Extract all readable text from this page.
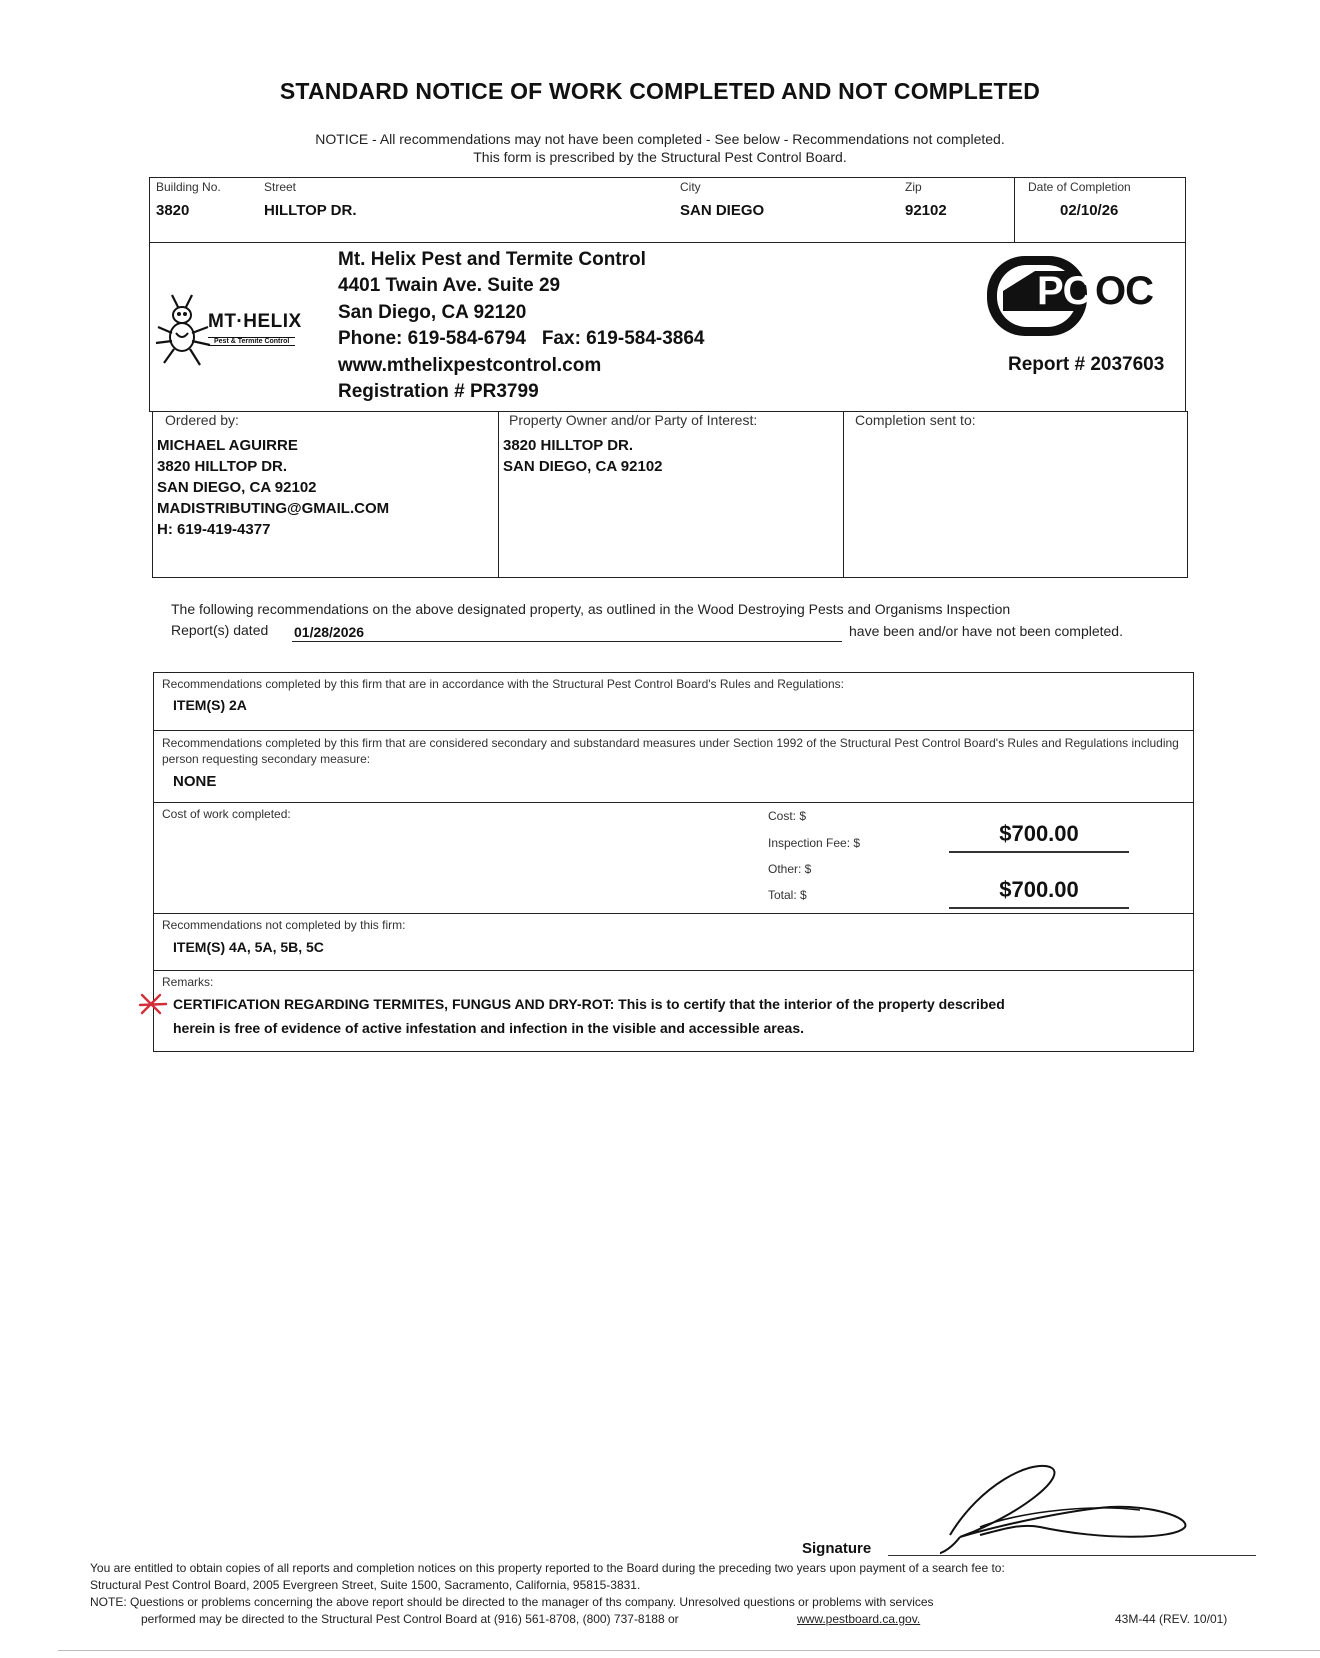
STANDARD NOTICE OF WORK COMPLETED AND NOT COMPLETED
NOTICE - All recommendations may not have been completed - See below - Recommendations not completed.
This form is prescribed by the Structural Pest Control Board.
Building No.
3820
Street
HILLTOP DR.
City
SAN DIEGO
Zip
92102
Date of Completion
02/10/26
MT·HELIX
Pest & Termite Control
Mt. Helix Pest and Termite Control
4401 Twain Ave. Suite 29
San Diego, CA 92120
Phone: 619-584-6794   Fax: 619-584-3864
www.mthelixpestcontrol.com
Registration # PR3799
PC OC
Report # 2037603
Ordered by:
MICHAEL AGUIRRE
3820 HILLTOP DR.
SAN DIEGO, CA 92102
MADISTRIBUTING@GMAIL.COM
H: 619-419-4377
Property Owner and/or Party of Interest:
3820 HILLTOP DR.
SAN DIEGO, CA 92102
Completion sent to:
The following recommendations on the above designated property, as outlined in the Wood Destroying Pests and Organisms Inspection
Report(s) dated 01/28/2026	have been and/or have not been completed.
Recommendations completed by this firm that are in accordance with the Structural Pest Control Board's Rules and Regulations:
ITEM(S) 2A
Recommendations completed by this firm that are considered secondary and substandard measures under Section 1992 of the Structural Pest Control Board's Rules and Regulations including person requesting secondary measure:
NONE
Cost of work completed:	Cost: $
Inspection Fee: $	$700.00
Other: $
Total: $	$700.00
Recommendations not completed by this firm:
ITEM(S) 4A, 5A, 5B, 5C
Remarks:
CERTIFICATION REGARDING TERMITES, FUNGUS AND DRY-ROT: This is to certify that the interior of the property described
herein is free of evidence of active infestation and infection in the visible and accessible areas.
Signature
You are entitled to obtain copies of all reports and completion notices on this property reported to the Board during the preceding two years upon payment of a search fee to:
Structural Pest Control Board, 2005 Evergreen Street, Suite 1500, Sacramento, California, 95815-3831.
NOTE: Questions or problems concerning the above report should be directed to the manager of ths company. Unresolved questions or problems with services
performed may be directed to the Structural Pest Control Board at (916) 561-8708, (800) 737-8188 or	www.pestboard.ca.gov.	43M-44 (REV. 10/01)
